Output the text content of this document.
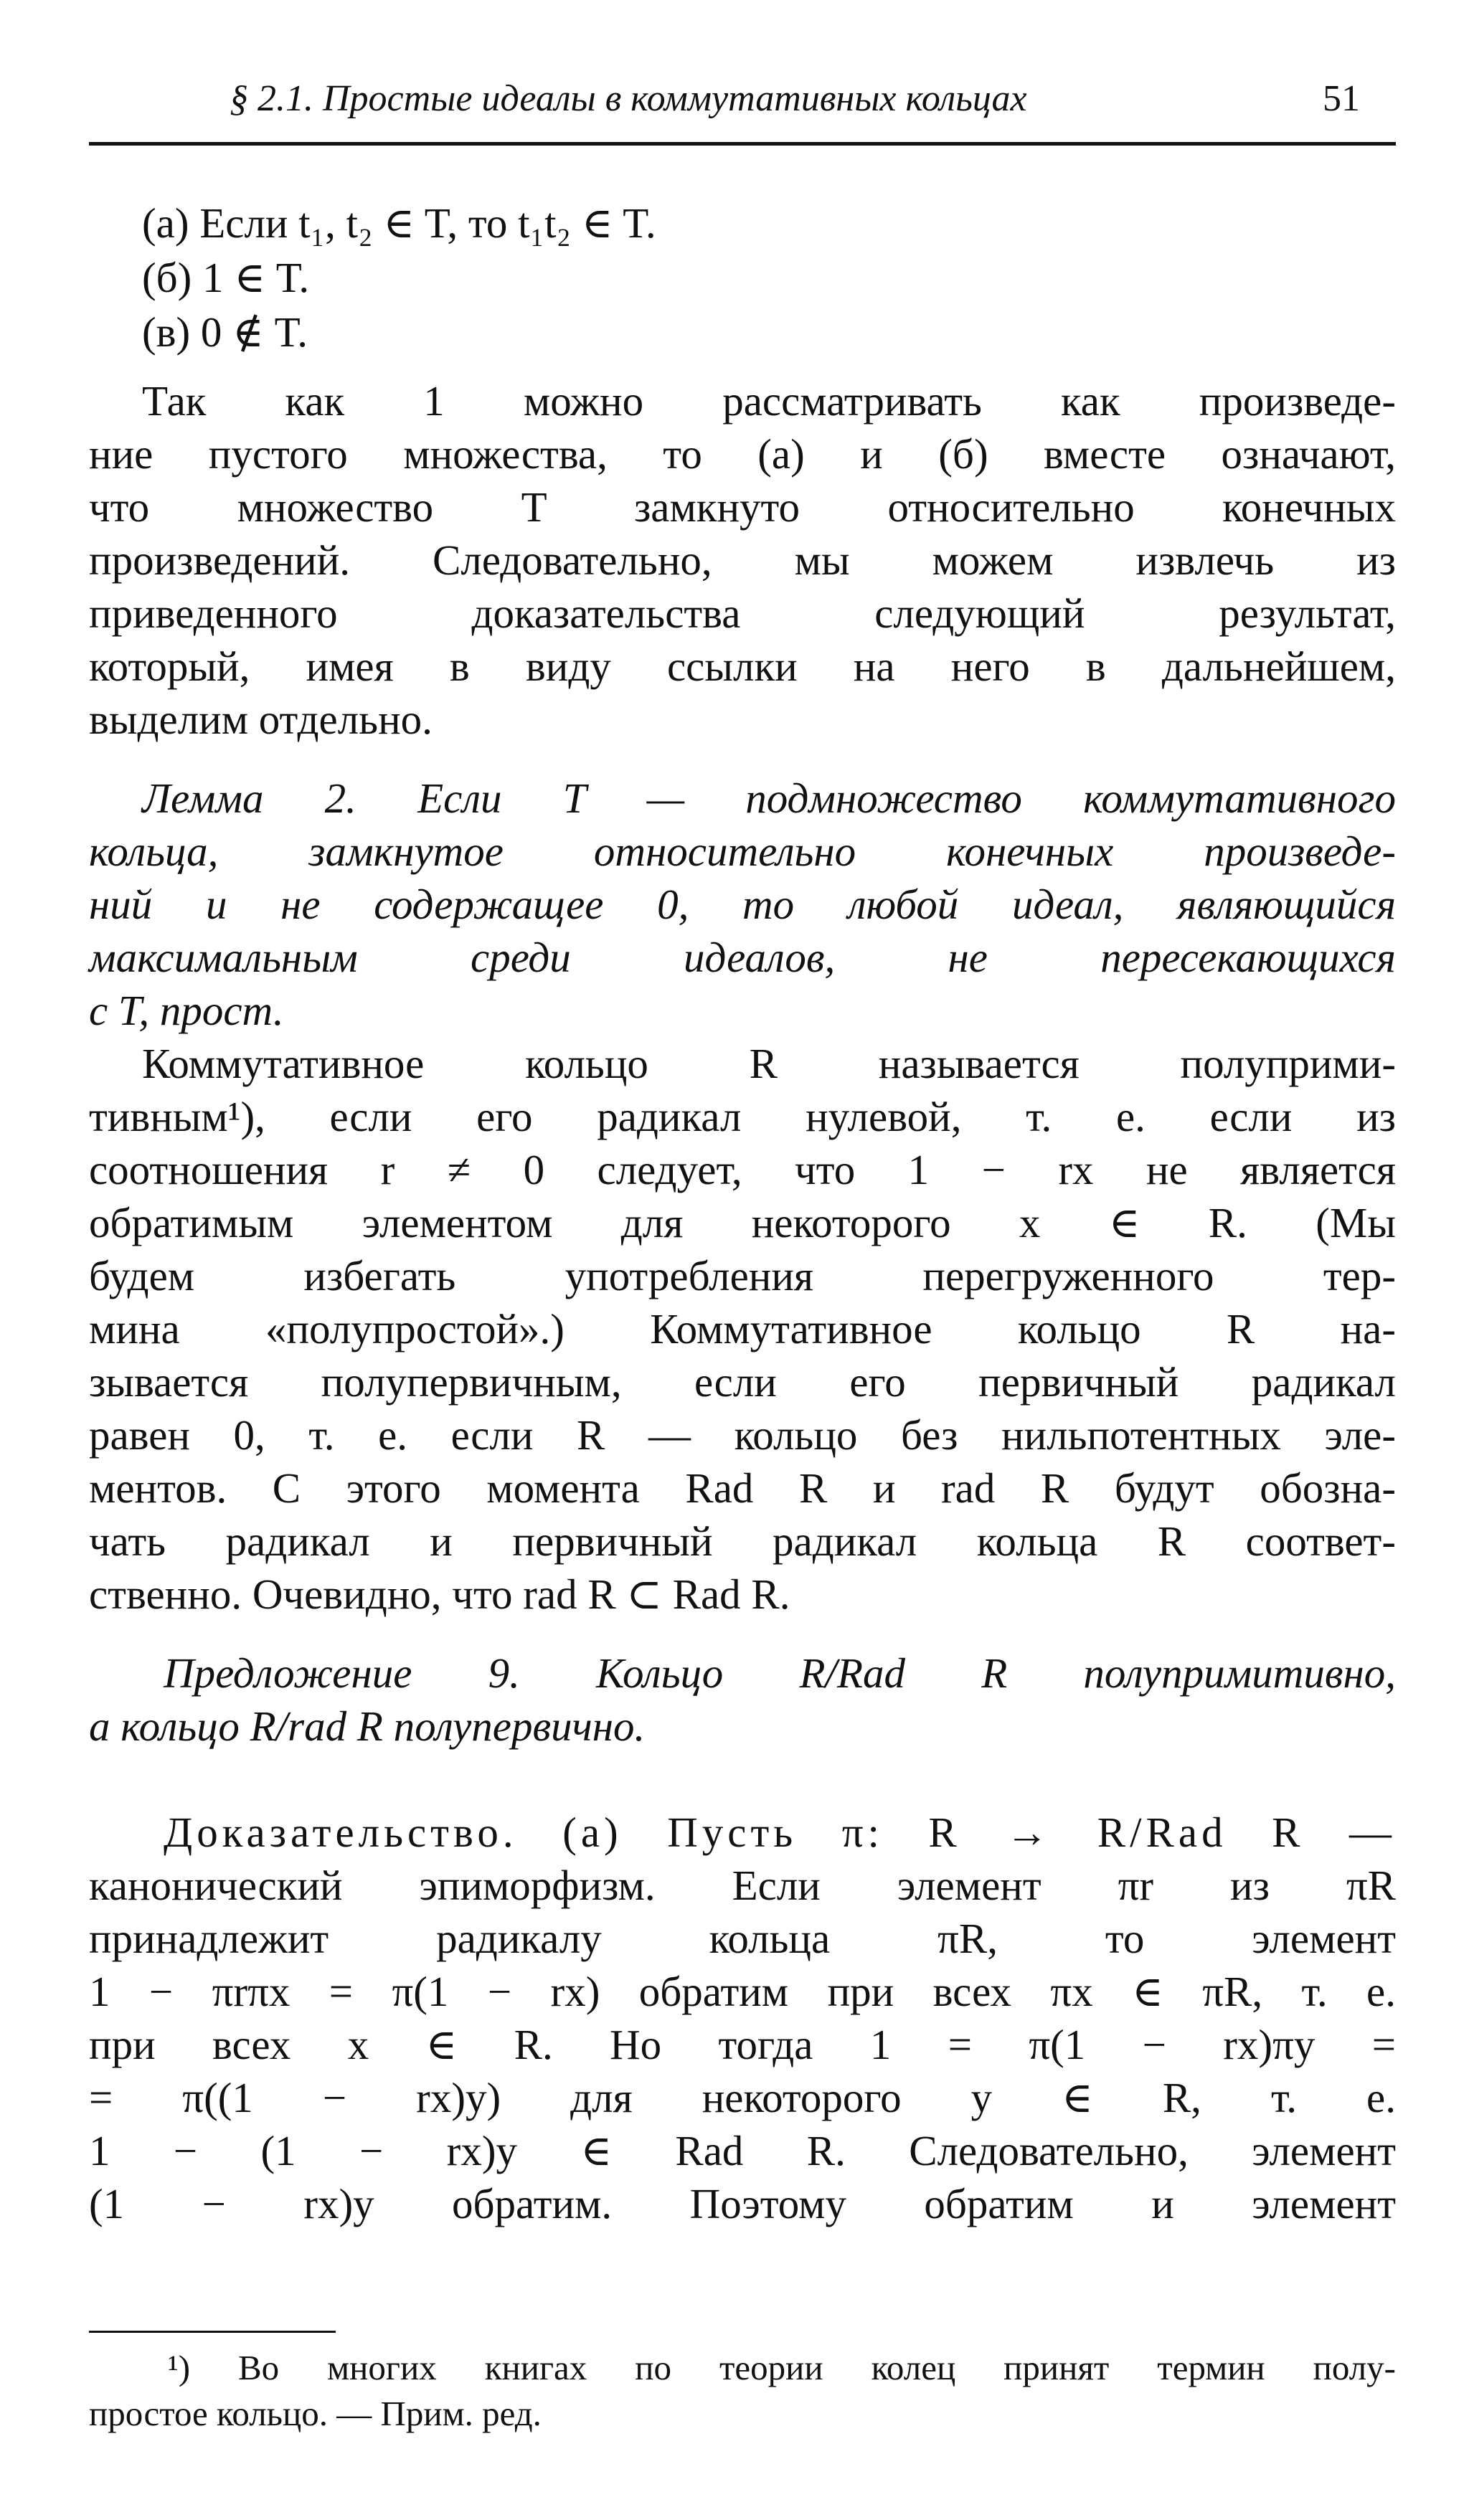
§ 2.1. Простые идеалы в коммутативных кольцах	51
(а) Если t₁, t₂ ∈ T, то t₁t₂ ∈ T.
(б) 1 ∈ T.
(в) 0 ∉ T.
Так как 1 можно рассматривать как произведе-
ние пустого множества, то (а) и (б) вместе означают,
что множество T замкнуто относительно конечных
произведений. Следовательно, мы можем извлечь из
приведенного доказательства следующий результат,
который, имея в виду ссылки на него в дальнейшем,
выделим отдельно.
Лемма 2. Если T — подмножество коммутативного
кольца, замкнутое относительно конечных произведе-
ний и не содержащее 0, то любой идеал, являющийся
максимальным среди идеалов, не пересекающихся
с T, прост.
Коммутативное кольцо R называется полуприми-
тивным¹), если его радикал нулевой, т. е. если из
соотношения r ≠ 0 следует, что 1 − rx не является
обратимым элементом для некоторого x ∈ R. (Мы
будем избегать употребления перегруженного тер-
мина «полупростой».) Коммутативное кольцо R на-
зывается полупервичным, если его первичный радикал
равен 0, т. е. если R — кольцо без нильпотентных эле-
ментов. С этого момента Rad R и rad R будут обозна-
чать радикал и первичный радикал кольца R соответ-
ственно. Очевидно, что rad R ⊂ Rad R.
Предложение 9. Кольцо R/Rad R полупримитивно,
а кольцо R/rad R полупервично.
Доказательство. (а) Пусть π: R → R/Rad R —
канонический эпиморфизм. Если элемент πr из πR
принадлежит радикалу кольца πR, то элемент
1 − πrπx = π(1 − rx) обратим при всех πx ∈ πR, т. е.
при всех x ∈ R. Но тогда 1 = π(1 − rx)πy =
= π((1 − rx)y) для некоторого y ∈ R, т. е.
1 − (1 − rx)y ∈ Rad R. Следовательно, элемент
(1 − rx)y обратим. Поэтому обратим и элемент
¹) Во многих книгах по теории колец принят термин полу-
простое кольцо. — Прим. ред.
